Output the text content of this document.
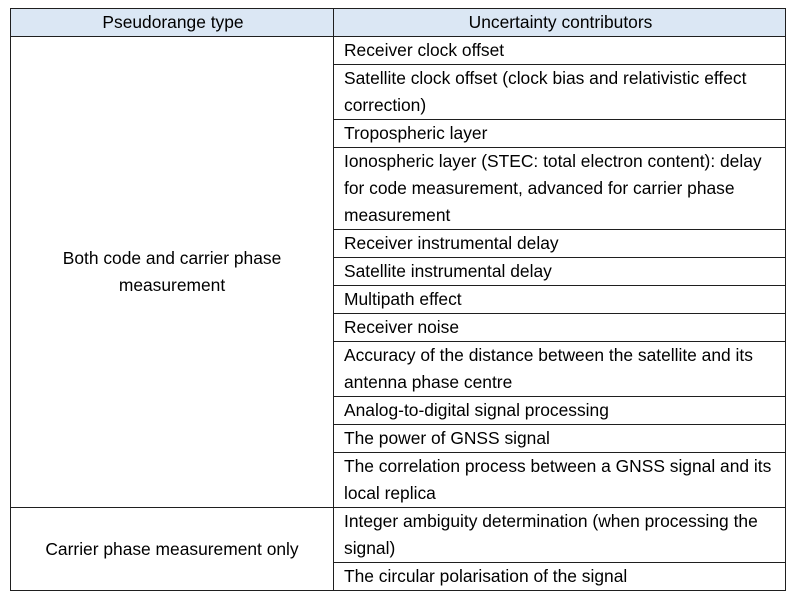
Pseudorange type	Uncertainty contributors
Both code and carrier phase measurement	Receiver clock offset
	Satellite clock offset (clock bias and relativistic effect correction)
	Tropospheric layer
	Ionospheric layer (STEC: total electron content): delay for code measurement, advanced for carrier phase measurement
	Receiver instrumental delay
	Satellite instrumental delay
	Multipath effect
	Receiver noise
	Accuracy of the distance between the satellite and its antenna phase centre
	Analog-to-digital signal processing
	The power of GNSS signal
	The correlation process between a GNSS signal and its local replica
Carrier phase measurement only	Integer ambiguity determination (when processing the signal)
	The circular polarisation of the signal
